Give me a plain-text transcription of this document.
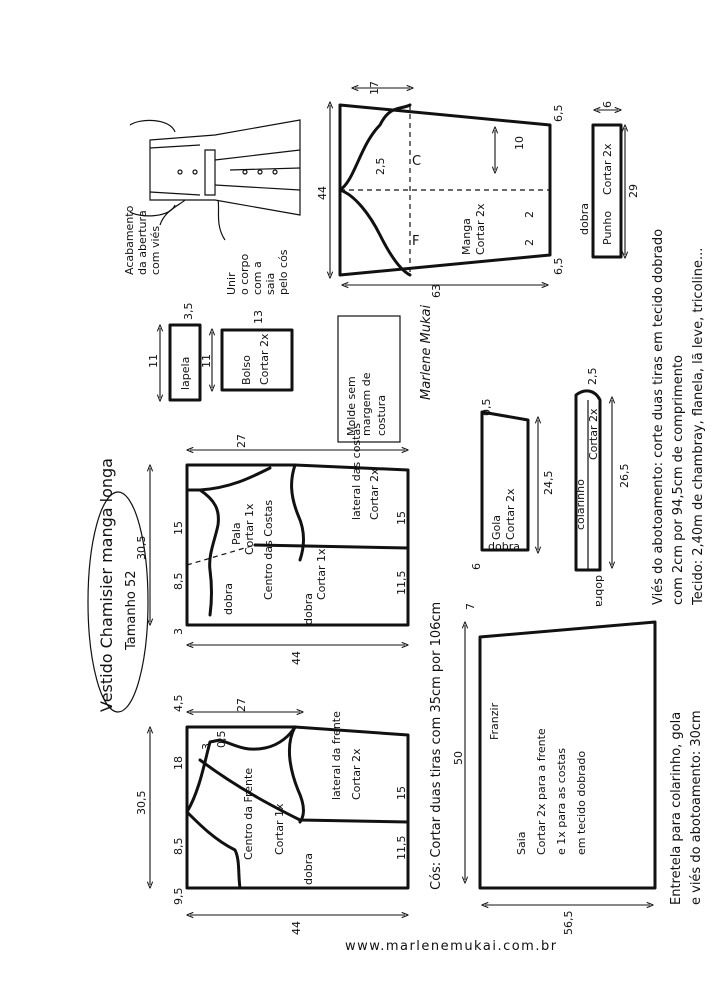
Vestido Chamisier manga longa Tamanho 52
Acabamento da abertura com viés
Unir o corpo com a saia pelo cós
C
F	Manga Cortar 2x
44
63
17
6,5
6,5
10
2
2
2,5
dobra Punho
Cortar 2x 29
6
lapela
11
3,5
Bolso Cortar 2x
11
13
Molde sem margem de costura
Marlene Mukai
Gola Cortar 2x
dobra
24,5
0,5
6
colarinho
Cortar 2x
dobra
26,5
2,5	Viés do abotoamento: corte duas tiras em tecido dobrado com 2cm por 94,5cm de comprimento Tecido: 2,40m de chambray, flanela, lã leve, tricoline...
Entretela para colarinho, gola e viés do abotoamento: 30cm
Pala Cortar 1x
dobra Centro das Costas
lateral das costas Cortar 2x
Cortar 1x
dobra
27
30,5
44
15
8,5
3
15
11,5
Centro da Frente Cortar 1x
lateral da frente Cortar 2x
dobra
27
30,5
44
4,5
18
8,5
9,5
3 0,5
15
11,5 Cós: Cortar duas tiras com 35cm por 106cm 50
56,5
7
Franzir
Saia Cortar 2x para a frente e 1x para as costas em tecido dobrado
www.marlenemukai.com.br
